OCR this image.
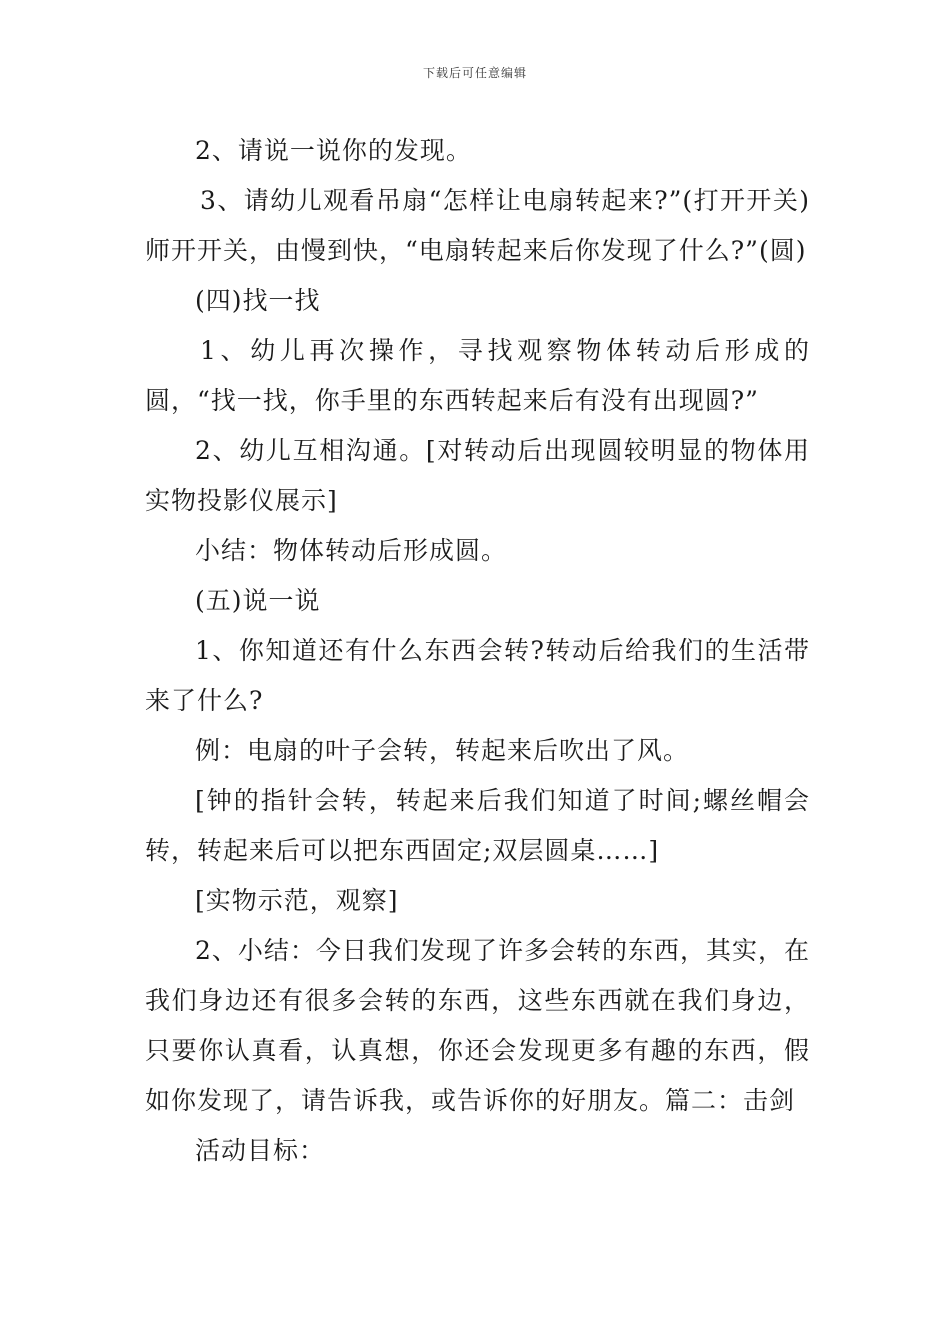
下载后可任意编辑

2、请说一说你的发现。

3、请幼儿观看吊扇“怎样让电扇转起来?”(打开开关)师开开关，由慢到快，“电扇转起来后你发现了什么?”(圆)

(四)找一找

1、幼儿再次操作，寻找观察物体转动后形成的圆，“找一找，你手里的东西转起来后有没有出现圆?”

2、幼儿互相沟通。[对转动后出现圆较明显的物体用实物投影仪展示]

小结：物体转动后形成圆。

(五)说一说

1、你知道还有什么东西会转?转动后给我们的生活带来了什么?

例：电扇的叶子会转，转起来后吹出了风。

[钟的指针会转，转起来后我们知道了时间;螺丝帽会转，转起来后可以把东西固定;双层圆桌……]

[实物示范，观察]

2、小结：今日我们发现了许多会转的东西，其实，在我们身边还有很多会转的东西，这些东西就在我们身边，只要你认真看，认真想，你还会发现更多有趣的东西，假如你发现了，请告诉我，或告诉你的好朋友。篇二：击剑

活动目标：
